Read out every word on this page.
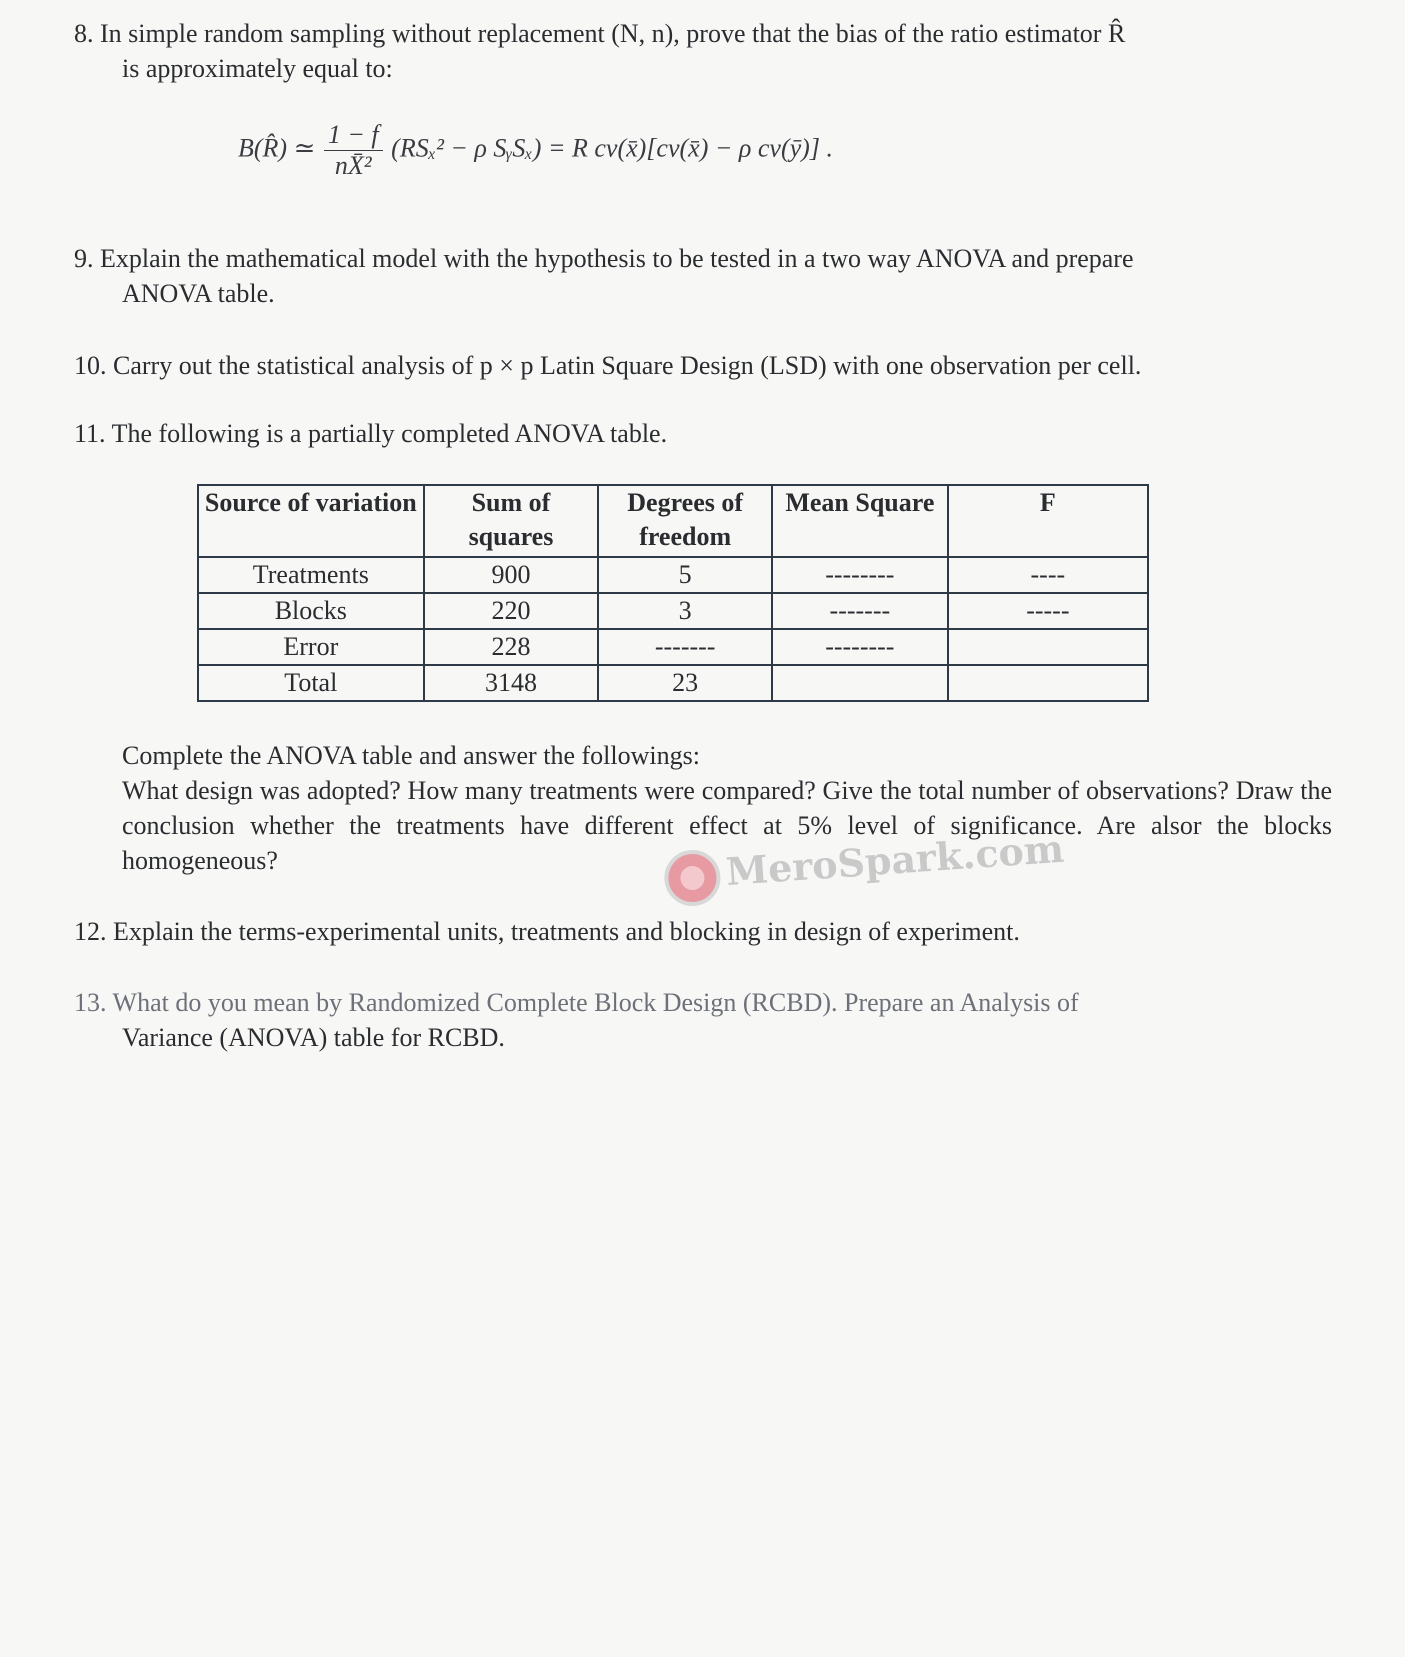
8. In simple random sampling without replacement (N, n), prove that the bias of the ratio estimator R̂
is approximately equal to:
B(R̂) ≃ $\frac{1 - f}{\text{nX̄²}} (RS_x^2 - \rho$ SᵧSₓ) = R cv(x̄)[cv(x̄) − ρ cv(ȳ)] .
9. Explain the mathematical model with the hypothesis to be tested in a two way ANOVA and prepare
ANOVA table.
10. Carry out the statistical analysis of p × p Latin Square Design (LSD) with one observation per cell.
11. The following is a partially completed ANOVA table.
Source of variation	Sum of squares	Degrees of freedom	Mean Square	F
Treatments	900	5	--------	----
Blocks	220	3	-------	-----
Error	228	-------	--------	
Total	3148	23		
Complete the ANOVA table and answer the followings:
What design was adopted? How many treatments were compared? Give the total number of observations? Draw the conclusion whether the treatments have different effect at 5% level of significance. Are alsor the blocks homogeneous?	MeroSpark.com
12. Explain the terms-experimental units, treatments and blocking in design of experiment.
13. What do you mean by Randomized Complete Block Design (RCBD). Prepare an Analysis of
Variance (ANOVA) table for RCBD.
